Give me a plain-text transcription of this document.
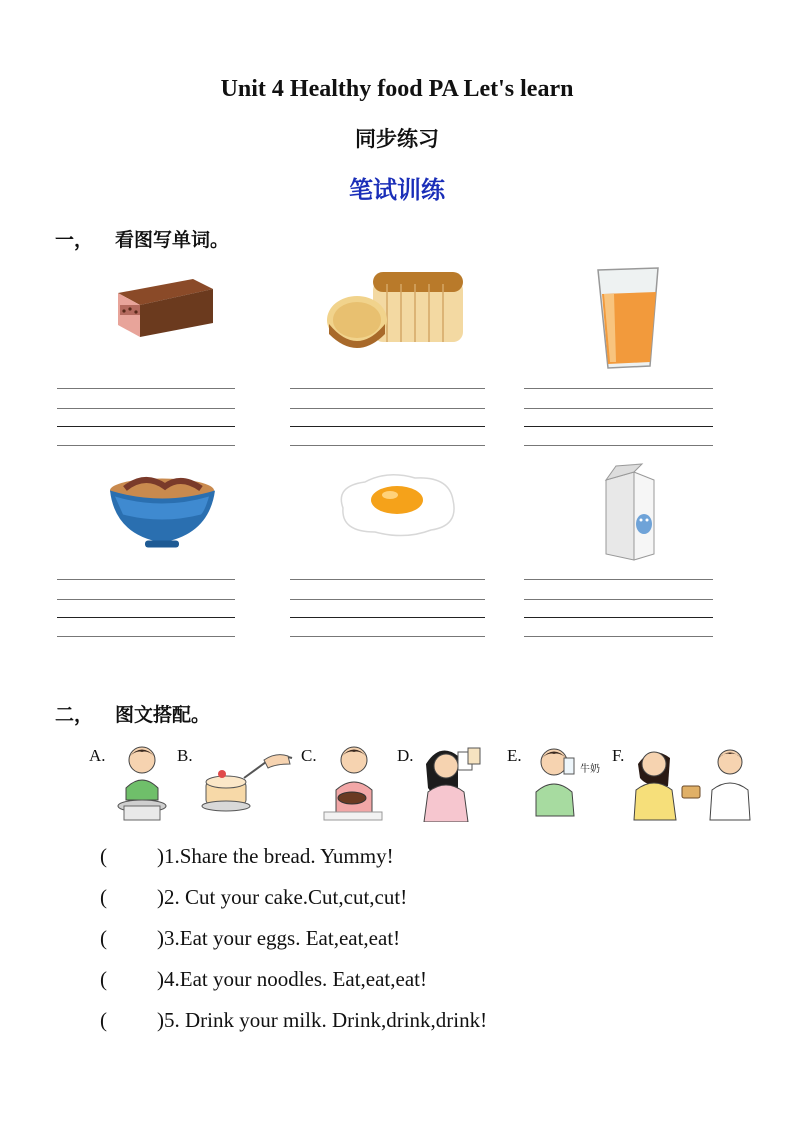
Unit 4 Healthy food PA Let's learn
同步练习
笔试训练
一， 看图写单词。
二， 图文搭配。
A.	B.	C.	D.	E.	F.
牛奶
( )1.Share the bread. Yummy!
( )2. Cut your cake.Cut,cut,cut!
( )3.Eat your eggs. Eat,eat,eat!
( )4.Eat your noodles. Eat,eat,eat!
( )5. Drink your milk. Drink,drink,drink!
